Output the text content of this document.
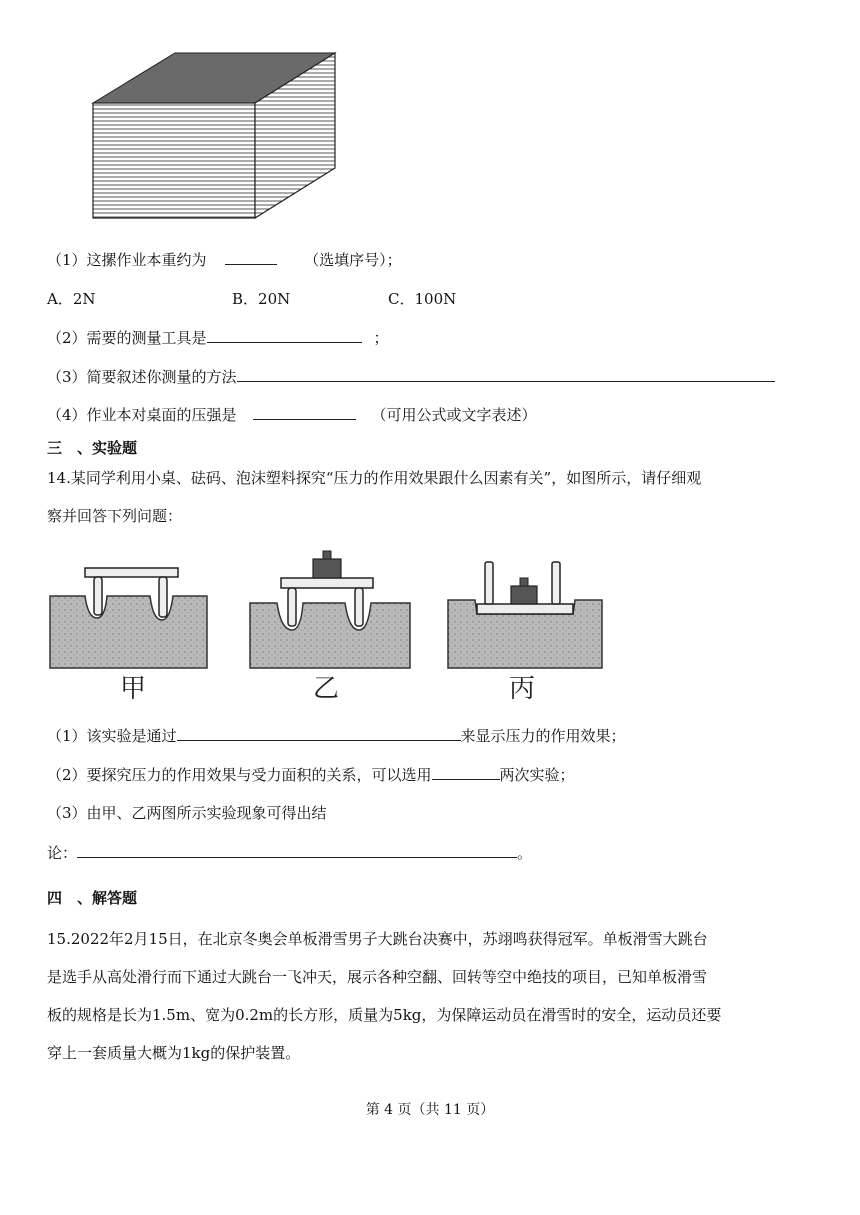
（1）这摞作业本重约为	（选填序号）；
A．2N	B．20N	C．100N
（2）需要的测量工具是	；
（3）简要叙述你测量的方法
（4）作业本对桌面的压强是	（可用公式或文字表述）
三　、实验题
14.某同学利用小桌、砝码、泡沫塑料探究“压力的作用效果跟什么因素有关”，如图所示，请仔细观
察并回答下列问题：
甲	乙	丙
（1）该实验是通过	来显示压力的作用效果；
（2）要探究压力的作用效果与受力面积的关系，可以选用	两次实验；
（3）由甲、乙两图所示实验现象可得出结
论：	。
四　、解答题
15.2022年2月15日，在北京冬奥会单板滑雪男子大跳台决赛中，苏翊鸣获得冠军。单板滑雪大跳台
是选手从高处滑行而下通过大跳台一飞冲天，展示各种空翻、回转等空中绝技的项目，已知单板滑雪
板的规格是长为1.5m、宽为0.2m的长方形，质量为5kg，为保障运动员在滑雪时的安全，运动员还要
穿上一套质量大概为1kg的保护装置。
第 4 页（共 11 页）
